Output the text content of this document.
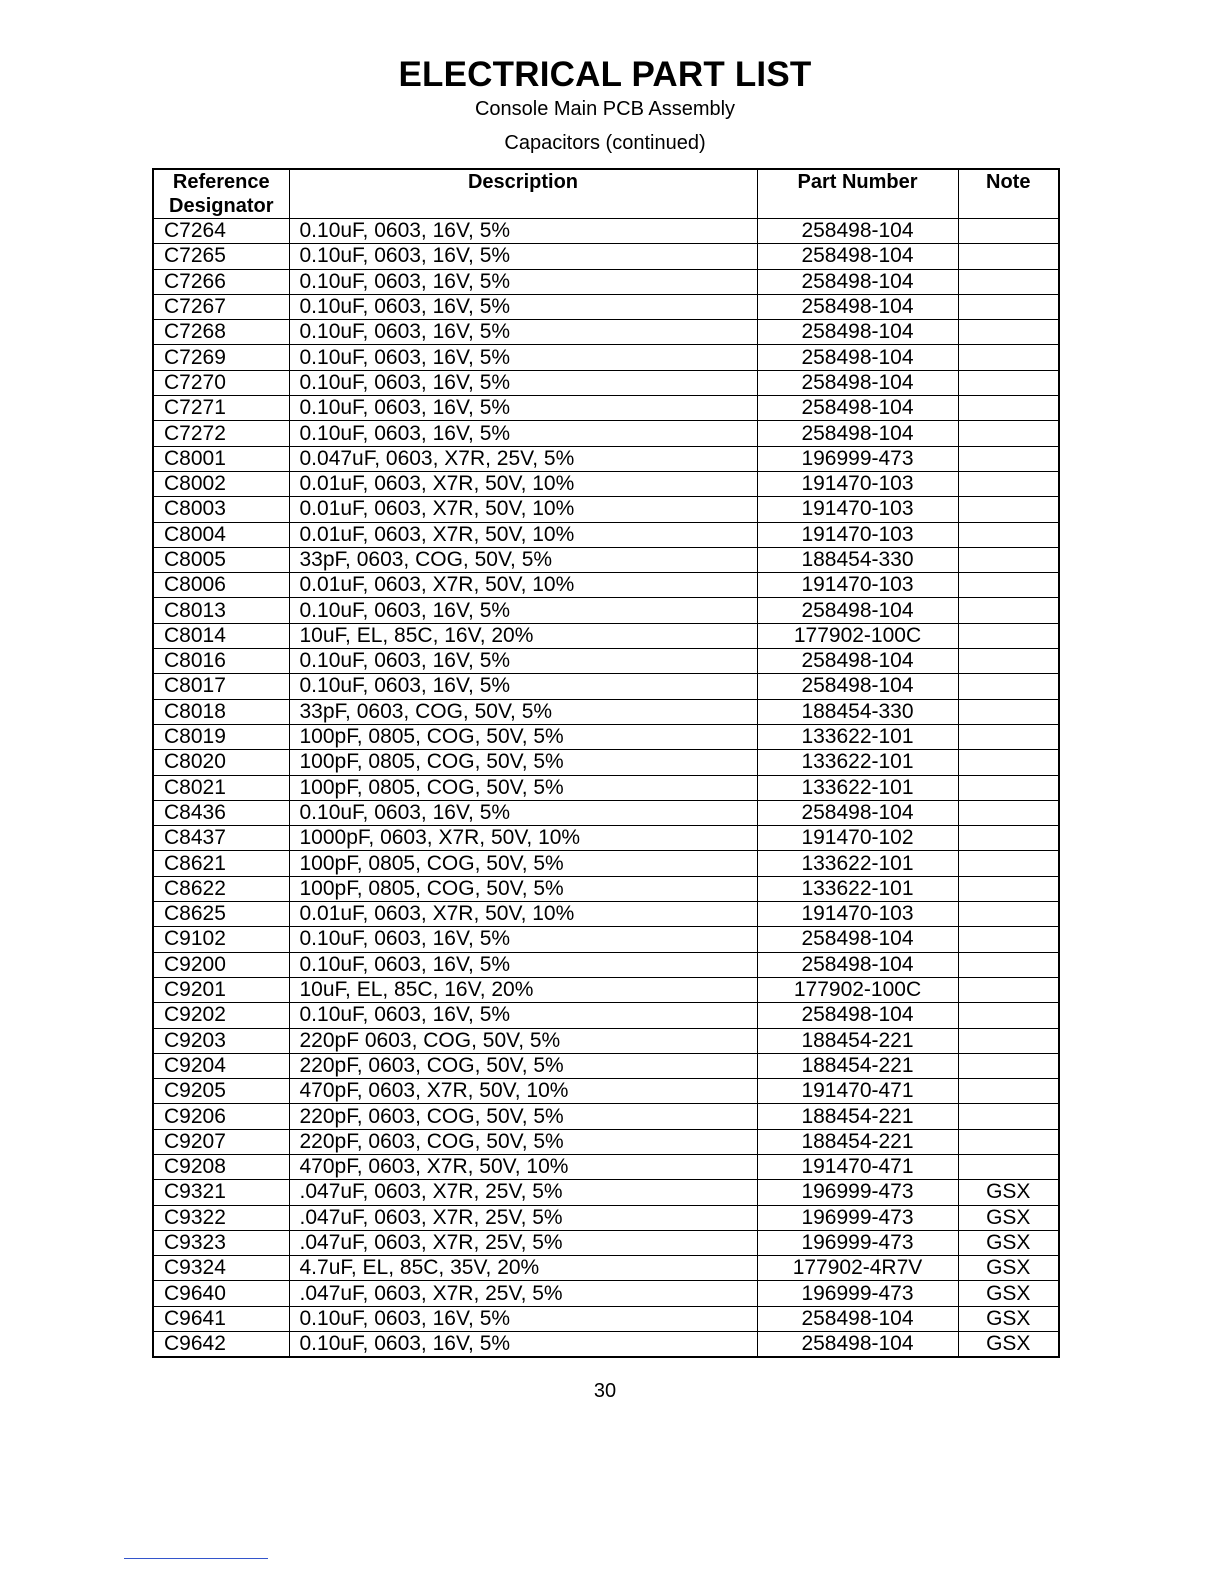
ELECTRICAL PART LIST
Console Main PCB Assembly
Capacitors (continued)
Reference Designator	Description	Part Number	Note
C7264	0.10uF, 0603, 16V, 5%	258498-104	
C7265	0.10uF, 0603, 16V, 5%	258498-104	
C7266	0.10uF, 0603, 16V, 5%	258498-104	
C7267	0.10uF, 0603, 16V, 5%	258498-104	
C7268	0.10uF, 0603, 16V, 5%	258498-104	
C7269	0.10uF, 0603, 16V, 5%	258498-104	
C7270	0.10uF, 0603, 16V, 5%	258498-104	
C7271	0.10uF, 0603, 16V, 5%	258498-104	
C7272	0.10uF, 0603, 16V, 5%	258498-104	
C8001	0.047uF, 0603, X7R, 25V, 5%	196999-473	
C8002	0.01uF, 0603, X7R, 50V, 10%	191470-103	
C8003	0.01uF, 0603, X7R, 50V, 10%	191470-103	
C8004	0.01uF, 0603, X7R, 50V, 10%	191470-103	
C8005	33pF, 0603, COG, 50V, 5%	188454-330	
C8006	0.01uF, 0603, X7R, 50V, 10%	191470-103	
C8013	0.10uF, 0603, 16V, 5%	258498-104	
C8014	10uF, EL, 85C, 16V, 20%	177902-100C	
C8016	0.10uF, 0603, 16V, 5%	258498-104	
C8017	0.10uF, 0603, 16V, 5%	258498-104	
C8018	33pF, 0603, COG, 50V, 5%	188454-330	
C8019	100pF, 0805, COG, 50V, 5%	133622-101	
C8020	100pF, 0805, COG, 50V, 5%	133622-101	
C8021	100pF, 0805, COG, 50V, 5%	133622-101	
C8436	0.10uF, 0603, 16V, 5%	258498-104	
C8437	1000pF, 0603, X7R, 50V, 10%	191470-102	
C8621	100pF, 0805, COG, 50V, 5%	133622-101	
C8622	100pF, 0805, COG, 50V, 5%	133622-101	
C8625	0.01uF, 0603, X7R, 50V, 10%	191470-103	
C9102	0.10uF, 0603, 16V, 5%	258498-104	
C9200	0.10uF, 0603, 16V, 5%	258498-104	
C9201	10uF, EL, 85C, 16V, 20%	177902-100C	
C9202	0.10uF, 0603, 16V, 5%	258498-104	
C9203	220pF 0603, COG, 50V, 5%	188454-221	
C9204	220pF, 0603, COG, 50V, 5%	188454-221	
C9205	470pF, 0603, X7R, 50V, 10%	191470-471	
C9206	220pF, 0603, COG, 50V, 5%	188454-221	
C9207	220pF, 0603, COG, 50V, 5%	188454-221	
C9208	470pF, 0603, X7R, 50V, 10%	191470-471	
C9321	.047uF, 0603, X7R, 25V, 5%	196999-473	GSX
C9322	.047uF, 0603, X7R, 25V, 5%	196999-473	GSX
C9323	.047uF, 0603, X7R, 25V, 5%	196999-473	GSX
C9324	4.7uF, EL, 85C, 35V, 20%	177902-4R7V	GSX
C9640	.047uF, 0603, X7R, 25V, 5%	196999-473	GSX
C9641	0.10uF, 0603, 16V, 5%	258498-104	GSX
C9642	0.10uF, 0603, 16V, 5%	258498-104	GSX
30
